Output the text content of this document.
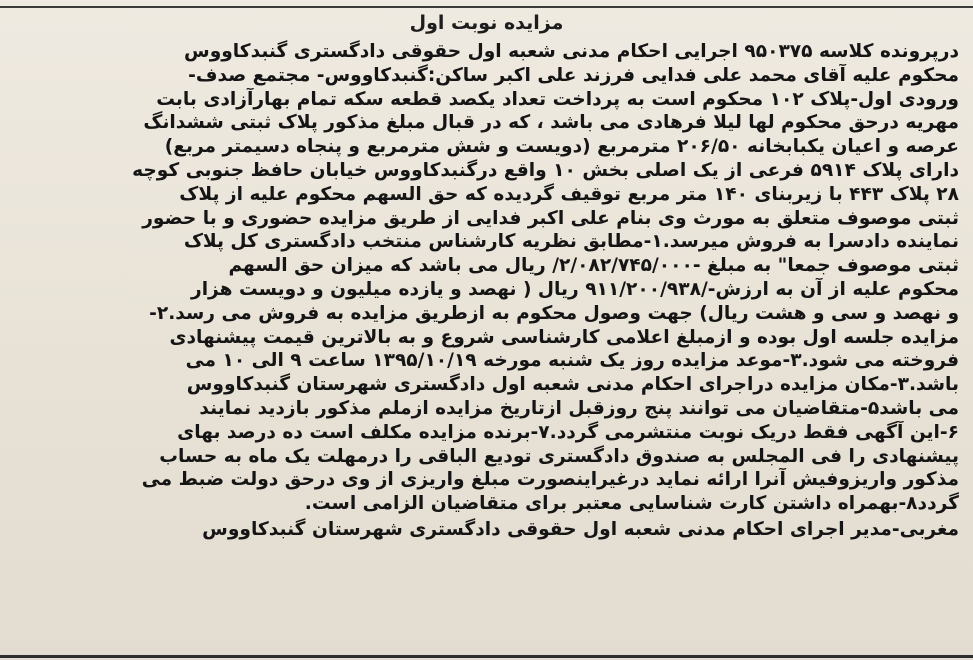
مزایده نوبت اول
درپرونده کلاسه ۹۵۰۳۷۵ اجرایی احکام مدنی شعبه اول حقوقی دادگستری گنبدکاووس
محکوم علیه آقای محمد علی فدایی فرزند علی اکبر ساکن:گنبدکاووس- مجتمع صدف-
ورودی اول-پلاک ۱۰۲ محکوم است به پرداخت تعداد یکصد قطعه سکه تمام بهارآزادی بابت
مهریه درحق محکوم لها لیلا فرهادی می باشد ، که در قبال مبلغ مذکور پلاک ثبتی ششدانگ
عرصه و اعیان یکبابخانه ۲۰۶/۵۰ مترمربع (دویست و شش مترمربع و پنجاه دسیمتر مربع)
دارای پلاک ۵۹۱۴ فرعی از یک اصلی بخش ۱۰ واقع درگنبدکاووس خیابان حافظ جنوبی کوچه
۲۸ پلاک ۴۴۳ با زیربنای ۱۴۰ متر مربع توقیف گردیده که حق السهم محکوم علیه از پلاک
ثبتی موصوف متعلق به مورث وی بنام علی اکبر فدایی از طریق مزایده حضوری و با حضور
نماینده دادسرا به فروش میرسد.۱-مطابق نظریه کارشناس منتخب دادگستری کل پلاک
ثبتی موصوف جمعا" به مبلغ -۲/۰۸۲/۷۴۵/۰۰۰/ ریال می باشد که میزان حق السهم
محکوم علیه از آن به ارزش-/۹۱۱/۲۰۰/۹۳۸ ریال ( نهصد و یازده میلیون و دویست هزار
و نهصد و سی و هشت ریال) جهت وصول محکوم به ازطریق مزایده به فروش می رسد.۲-
مزایده جلسه اول بوده و ازمبلغ اعلامی کارشناسی شروع و به بالاترین قیمت پیشنهادی
فروخته می شود.۳-موعد مزایده روز یک شنبه مورخه ۱۳۹۵/۱۰/۱۹ ساعت ۹ الی ۱۰ می
باشد.۳-مکان مزایده دراجرای احکام مدنی شعبه اول دادگستری شهرستان گنبدکاووس
می باشد۵-متقاضیان می توانند پنج روزقبل ازتاریخ مزایده ازملم مذکور بازدید نمایند
۶-این آگهی فقط دریک نوبت منتشرمی گردد.۷-برنده مزایده مکلف است ده درصد بهای
پیشنهادی را فی المجلس به صندوق دادگستری تودیع الباقی را درمهلت یک ماه به حساب
مذکور واریزوفیش آنرا ارائه نماید درغیراینصورت مبلغ واریزی از وی درحق دولت ضبط می
گردد۸-بهمراه داشتن کارت شناسایی معتبر برای متقاضیان الزامی است.
مغربی-مدیر اجرای احکام مدنی شعبه اول حقوقی دادگستری شهرستان گنبدکاووس
